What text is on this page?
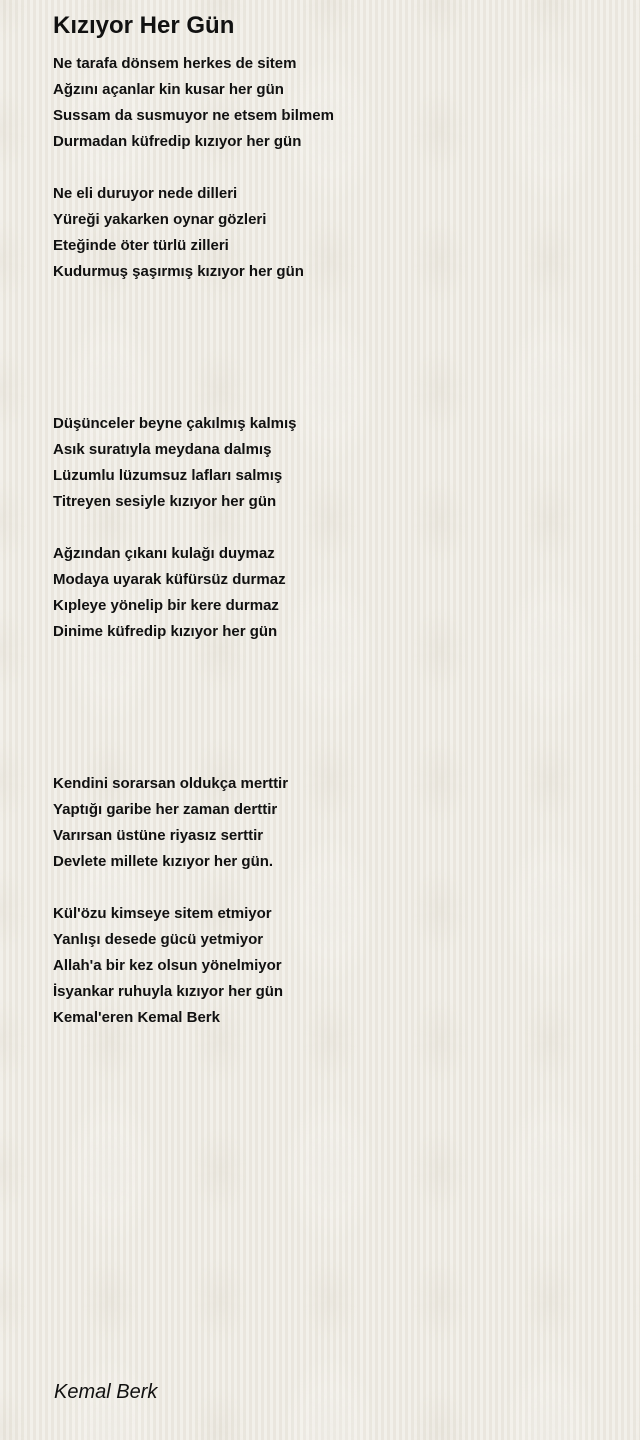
Kızıyor Her Gün
Ne tarafa dönsem herkes de sitem
Ağzını açanlar kin kusar her gün
Sussam da susmuyor ne etsem bilmem
Durmadan küfredip kızıyor her gün
Ne eli duruyor nede dilleri
Yüreği yakarken oynar gözleri
Eteğinde öter türlü zilleri
Kudurmuş şaşırmış kızıyor her gün
Düşünceler beyne çakılmış kalmış
Asık suratıyla meydana dalmış
Lüzumlu lüzumsuz lafları salmış
Titreyen sesiyle kızıyor her gün
Ağzından çıkanı kulağı duymaz
Modaya uyarak küfürsüz durmaz
Kıpleye yönelip bir kere durmaz
Dinime küfredip kızıyor her gün
Kendini sorarsan oldukça merttir
Yaptığı garibe her zaman derttir
Varırsan üstüne riyasız serttir
Devlete millete kızıyor her gün.
Kül'özu kimseye sitem etmiyor
Yanlışı desede gücü yetmiyor
Allah'a bir kez olsun yönelmiyor
İsyankar ruhuyla kızıyor her gün
Kemal'eren Kemal Berk
Kemal Berk
